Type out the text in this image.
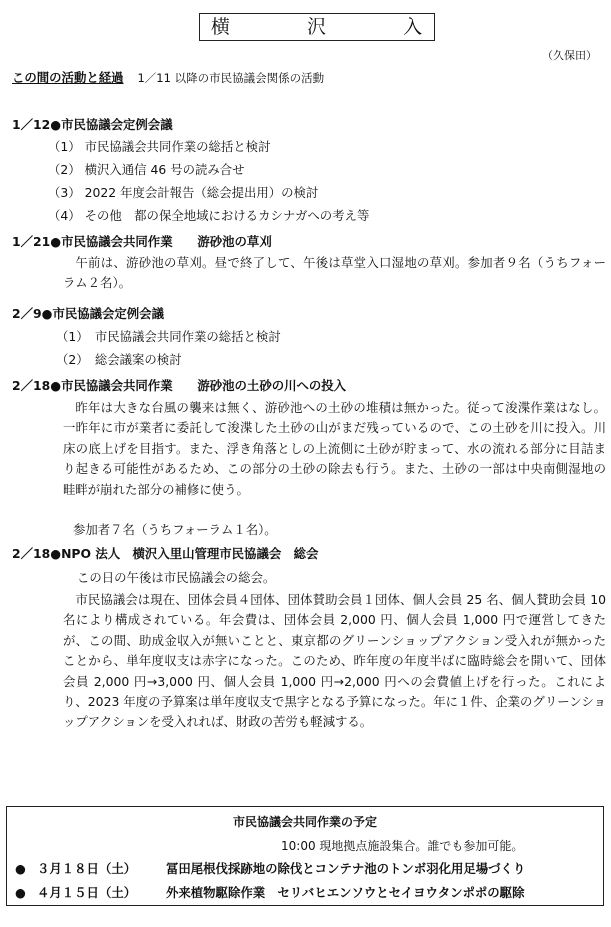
横	沢	入
（久保田）
この間の活動と経過 1／11 以降の市民協議会関係の活動
1／12●市民協議会定例会議
（1） 市民協議会共同作業の総括と検討
（2） 横沢入通信 46 号の読み合せ
（3） 2022 年度会計報告（総会提出用）の検討
（4） その他　都の保全地域におけるカシナガへの考え等
1／21●市民協議会共同作業　　游砂池の草刈
午前は、游砂池の草刈。昼で終了して、午後は草堂入口湿地の草刈。参加者９名（うちフォーラム２名）。
2／9●市民協議会定例会議
（1）　市民協議会共同作業の総括と検討
（2）　総会議案の検討
2／18●市民協議会共同作業　　游砂池の土砂の川への投入
昨年は大きな台風の襲来は無く、游砂池への土砂の堆積は無かった。従って浚渫作業はなし。一昨年に市が業者に委託して浚渫した土砂の山がまだ残っているので、この土砂を川に投入。川床の底上げを目指す。また、浮き角落としの上流側に土砂が貯まって、水の流れる部分に目詰まり起きる可能性があるため、この部分の土砂の除去も行う。また、土砂の一部は中央南側湿地の畦畔が崩れた部分の補修に使う。
参加者７名（うちフォーラム１名）。
2／18●NPO 法人　横沢入里山管理市民協議会　総会
この日の午後は市民協議会の総会。
市民協議会は現在、団体会員４団体、団体賛助会員１団体、個人会員 25 名、個人賛助会員 10 名により構成されている。年会費は、団体会員 2,000 円、個人会員 1,000 円で運営してきたが、この間、助成金収入が無いことと、東京都のグリーンショップアクション受入れが無かったことから、単年度収支は赤字になった。このため、昨年度の年度半ばに臨時総会を開いて、団体会員 2,000 円→3,000 円、個人会員 1,000 円→2,000 円への会費値上げを行った。これにより、2023 年度の予算案は単年度収支で黒字となる予算になった。年に１件、企業のグリーンショップアクションを受入れれば、財政の苦労も軽減する。
市民協議会共同作業の予定
10:00 現地拠点施設集合。誰でも参加可能。
● ３月１８日（土） 冨田尾根伐採跡地の除伐とコンテナ池のトンボ羽化用足場づくり
● ４月１５日（土） 外来植物駆除作業　セリバヒエンソウとセイヨウタンポポの駆除
